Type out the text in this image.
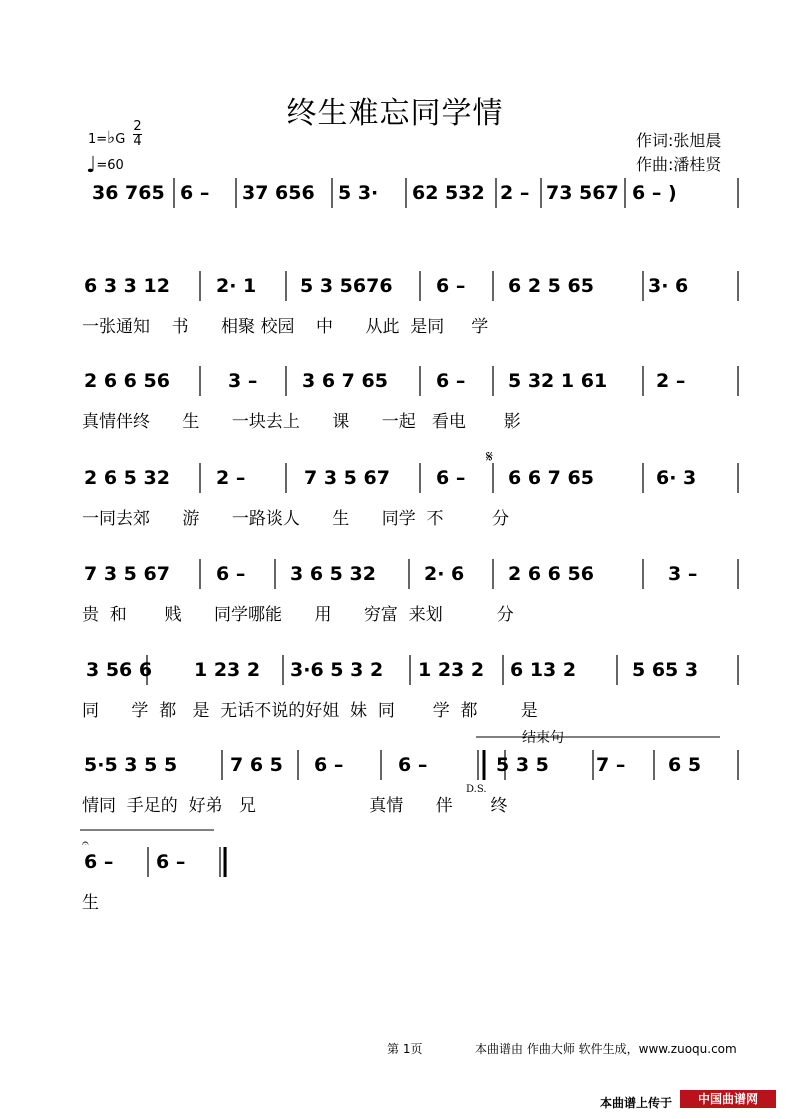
终生难忘同学情
作词:张旭晨
作曲:潘桂贤
1=♭G
2
4
♩=60
36 765 6 – 37 656 5 3· 62 532 2 – 73 567 6 – )
6 3 3 12 2· 1 5 3 5676 6 – 6 2 5 65	3· 6
一张通知    书      相聚 校园    中      从此  是同     学
2 6 6 56	3 – 3 6 7 65	6 – 5 32 1 61	2 –
真情伴终      生      一块去上      课      一起   看电       影
2 6 5 32 2 –	7 3 5 67 6 – 6 6 7 65	6· 3
一同去郊      游      一路谈人      生      同学  不         分
7 3 5 67 6 – 3 6 5 32	2· 6 2 6 6 56	3 –
贵  和       贱      同学哪能      用      穷富  来划          分
3 56 6 1 23 2 3·6 5 3 2 1 23 2 6 13 2	5 65 3
同      学  都   是  无话不说的好姐  妹  同       学  都        是
5·5 3 5 5	7 6 5 6 –	6 –	5 3 5 7 – 6 5
情同  手足的  好弟   兄                     真情      伴       终
6 – 6 –
生
𝄋
D.S.
结束句
𝄐
第 1页	本曲谱由 作曲大师 软件生成，www.zuoqu.com
本曲谱上传于	中国曲谱网
